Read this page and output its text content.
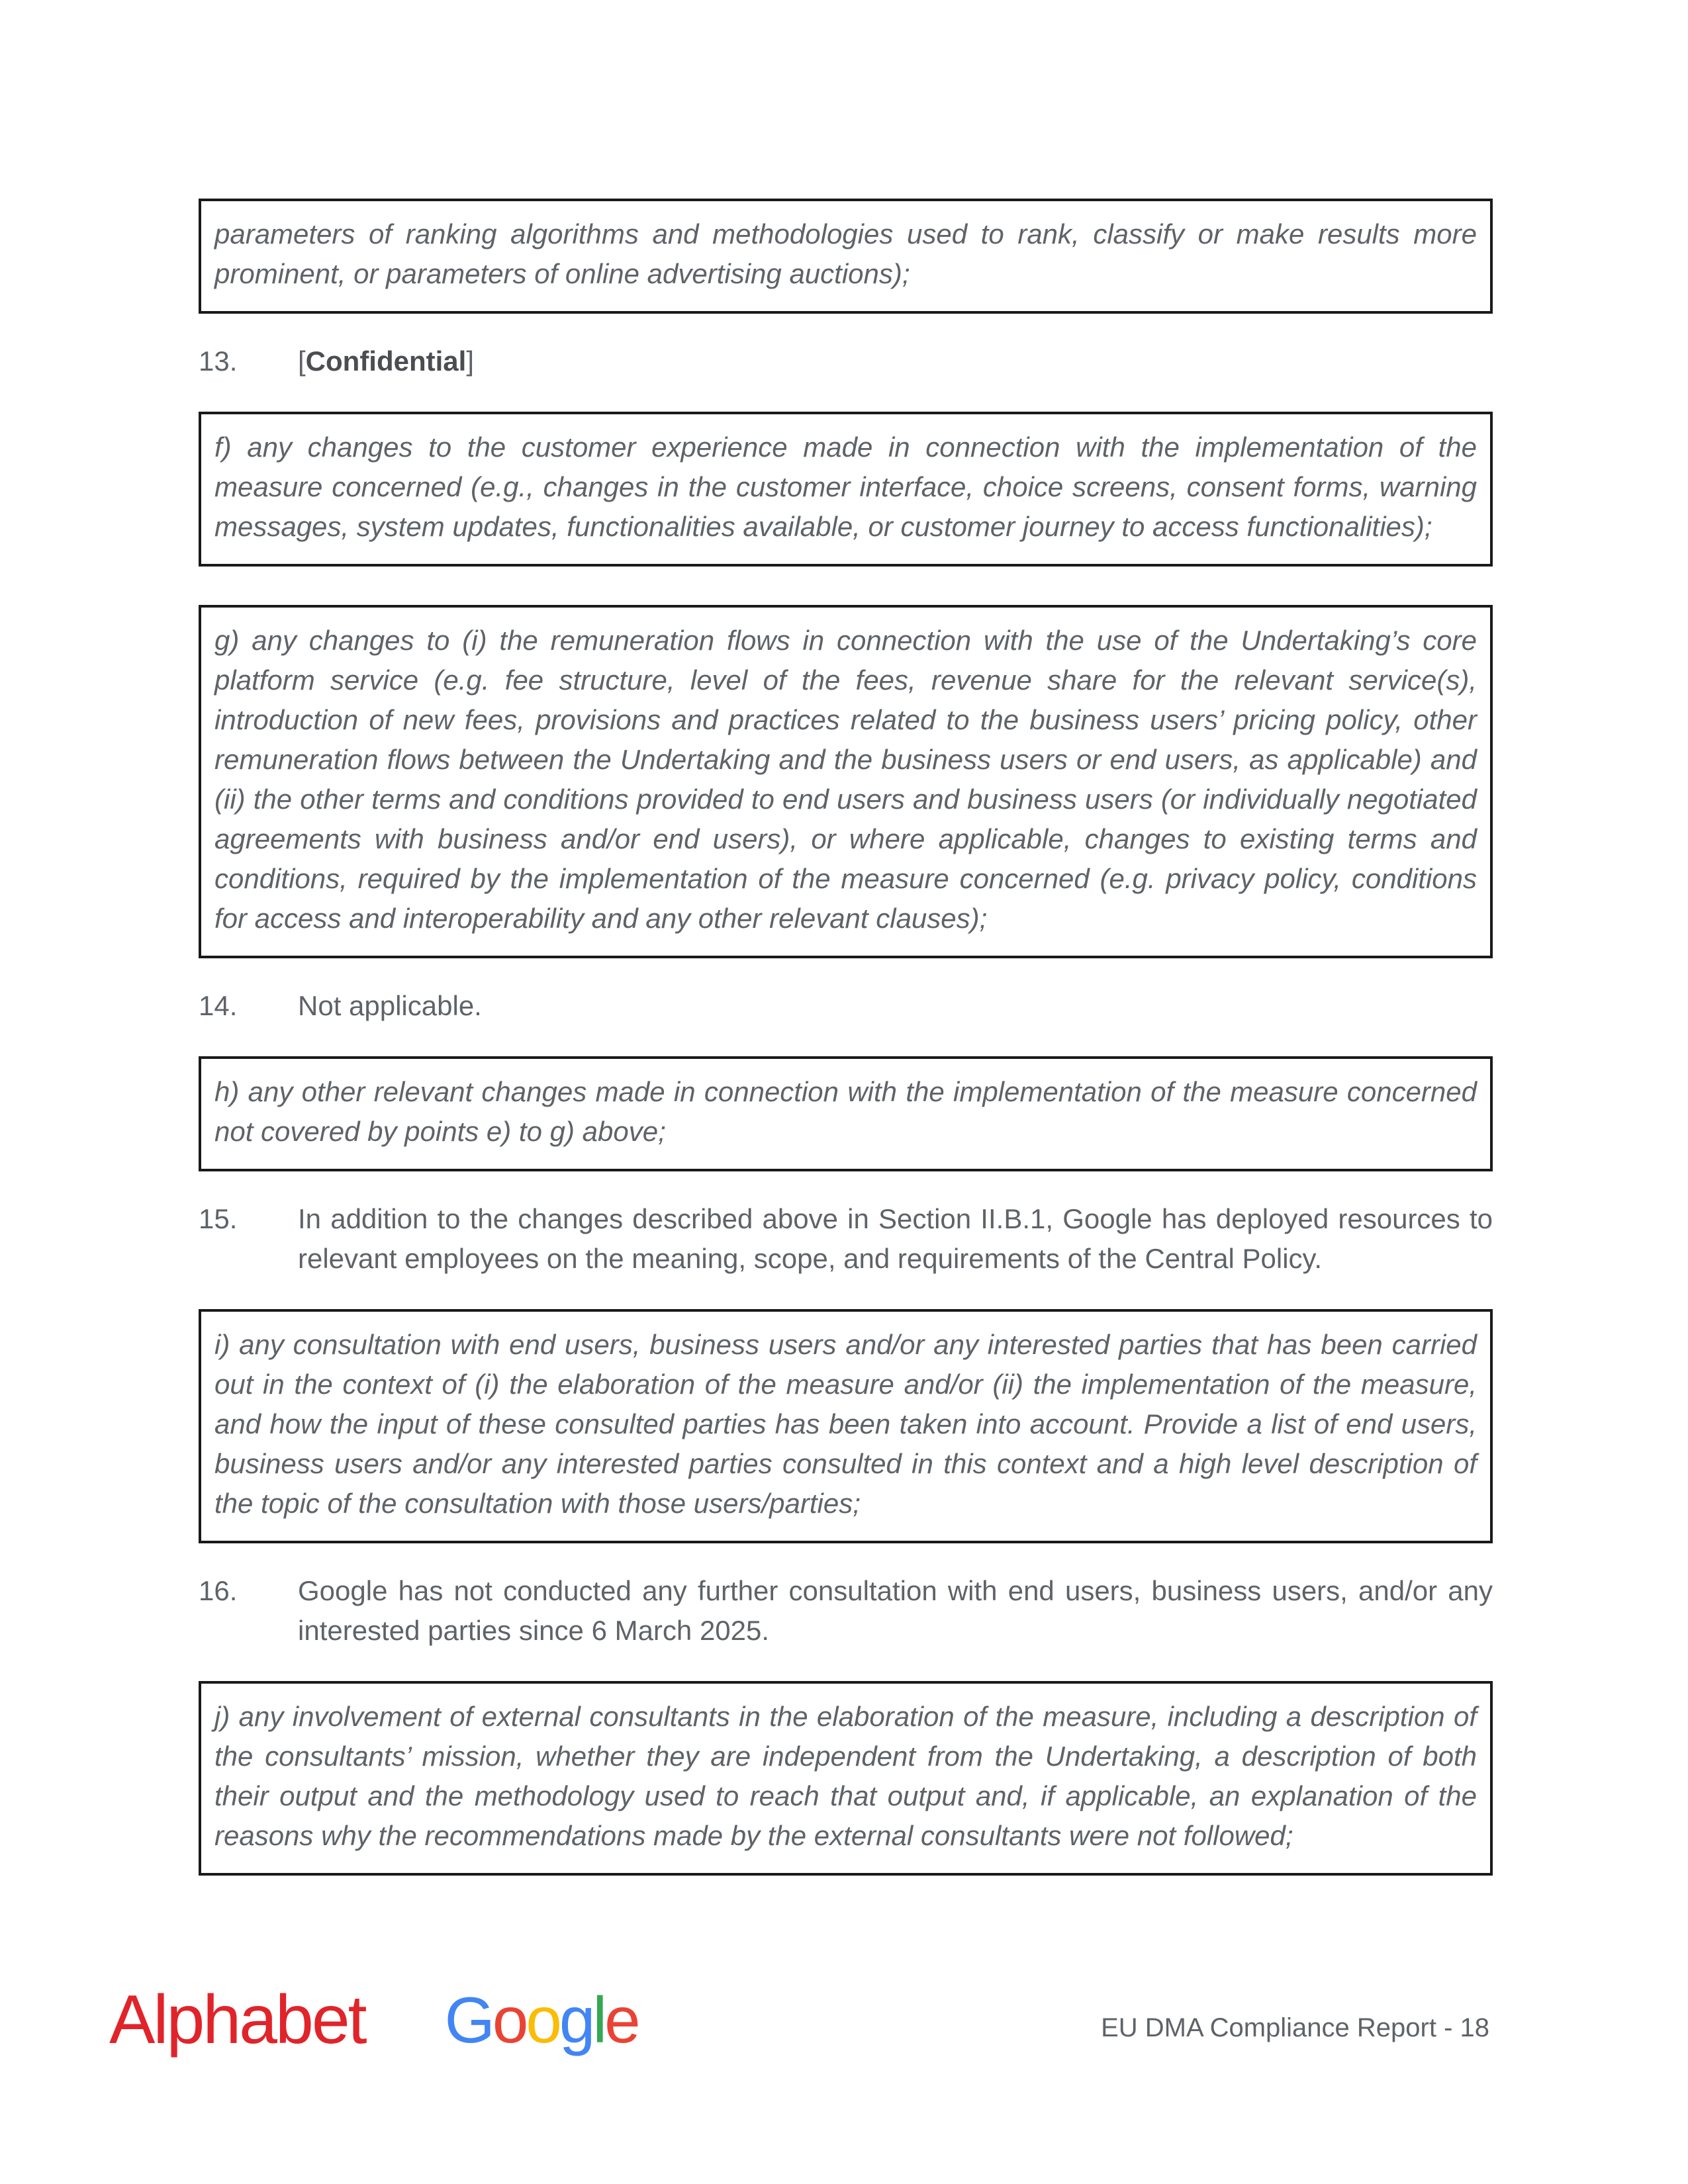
parameters of ranking algorithms and methodologies used to rank, classify or make results more prominent, or parameters of online advertising auctions);

13.	[Confidential]

f) any changes to the customer experience made in connection with the implementation of the measure concerned (e.g., changes in the customer interface, choice screens, consent forms, warning messages, system updates, functionalities available, or customer journey to access functionalities);

g) any changes to (i) the remuneration flows in connection with the use of the Undertaking’s core platform service (e.g. fee structure, level of the fees, revenue share for the relevant service(s), introduction of new fees, provisions and practices related to the business users’ pricing policy, other remuneration flows between the Undertaking and the business users or end users, as applicable) and (ii) the other terms and conditions provided to end users and business users (or individually negotiated agreements with business and/or end users), or where applicable, changes to existing terms and conditions, required by the implementation of the measure concerned (e.g. privacy policy, conditions for access and interoperability and any other relevant clauses);

14.	Not applicable.

h) any other relevant changes made in connection with the implementation of the measure concerned not covered by points e) to g) above;

15.	In addition to the changes described above in Section II.B.1, Google has deployed resources to relevant employees on the meaning, scope, and requirements of the Central Policy.

i) any consultation with end users, business users and/or any interested parties that has been carried out in the context of (i) the elaboration of the measure and/or (ii) the implementation of the measure, and how the input of these consulted parties has been taken into account. Provide a list of end users, business users and/or any interested parties consulted in this context and a high level description of the topic of the consultation with those users/parties;

16.	Google has not conducted any further consultation with end users, business users, and/or any interested parties since 6 March 2025.

j) any involvement of external consultants in the elaboration of the measure, including a description of the consultants’ mission, whether they are independent from the Undertaking, a description of both their output and the methodology used to reach that output and, if applicable, an explanation of the reasons why the recommendations made by the external consultants were not followed;

Alphabet Google	EU DMA Compliance Report - 18
